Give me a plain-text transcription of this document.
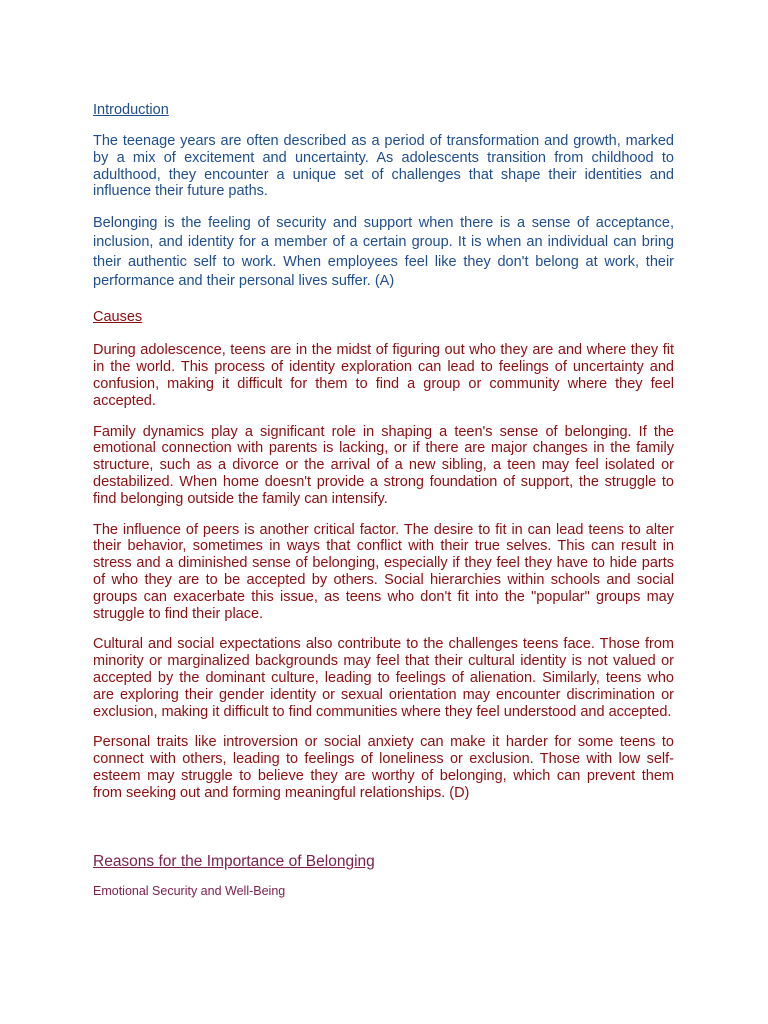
Introduction

The teenage years are often described as a period of transformation and growth, marked by a mix of excitement and uncertainty. As adolescents transition from childhood to adulthood, they encounter a unique set of challenges that shape their identities and influence their future paths.

Belonging is the feeling of security and support when there is a sense of acceptance, inclusion, and identity for a member of a certain group. It is when an individual can bring their authentic self to work. When employees feel like they don't belong at work, their performance and their personal lives suffer. (A)

Causes

During adolescence, teens are in the midst of figuring out who they are and where they fit in the world. This process of identity exploration can lead to feelings of uncertainty and confusion, making it difficult for them to find a group or community where they feel accepted.

Family dynamics play a significant role in shaping a teen's sense of belonging. If the emotional connection with parents is lacking, or if there are major changes in the family structure, such as a divorce or the arrival of a new sibling, a teen may feel isolated or destabilized. When home doesn't provide a strong foundation of support, the struggle to find belonging outside the family can intensify.

The influence of peers is another critical factor. The desire to fit in can lead teens to alter their behavior, sometimes in ways that conflict with their true selves. This can result in stress and a diminished sense of belonging, especially if they feel they have to hide parts of who they are to be accepted by others. Social hierarchies within schools and social groups can exacerbate this issue, as teens who don't fit into the "popular" groups may struggle to find their place.

Cultural and social expectations also contribute to the challenges teens face. Those from minority or marginalized backgrounds may feel that their cultural identity is not valued or accepted by the dominant culture, leading to feelings of alienation. Similarly, teens who are exploring their gender identity or sexual orientation may encounter discrimination or exclusion, making it difficult to find communities where they feel understood and accepted.

Personal traits like introversion or social anxiety can make it harder for some teens to connect with others, leading to feelings of loneliness or exclusion. Those with low self-esteem may struggle to believe they are worthy of belonging, which can prevent them from seeking out and forming meaningful relationships. (D)

Reasons for the Importance of Belonging

Emotional Security and Well-Being
